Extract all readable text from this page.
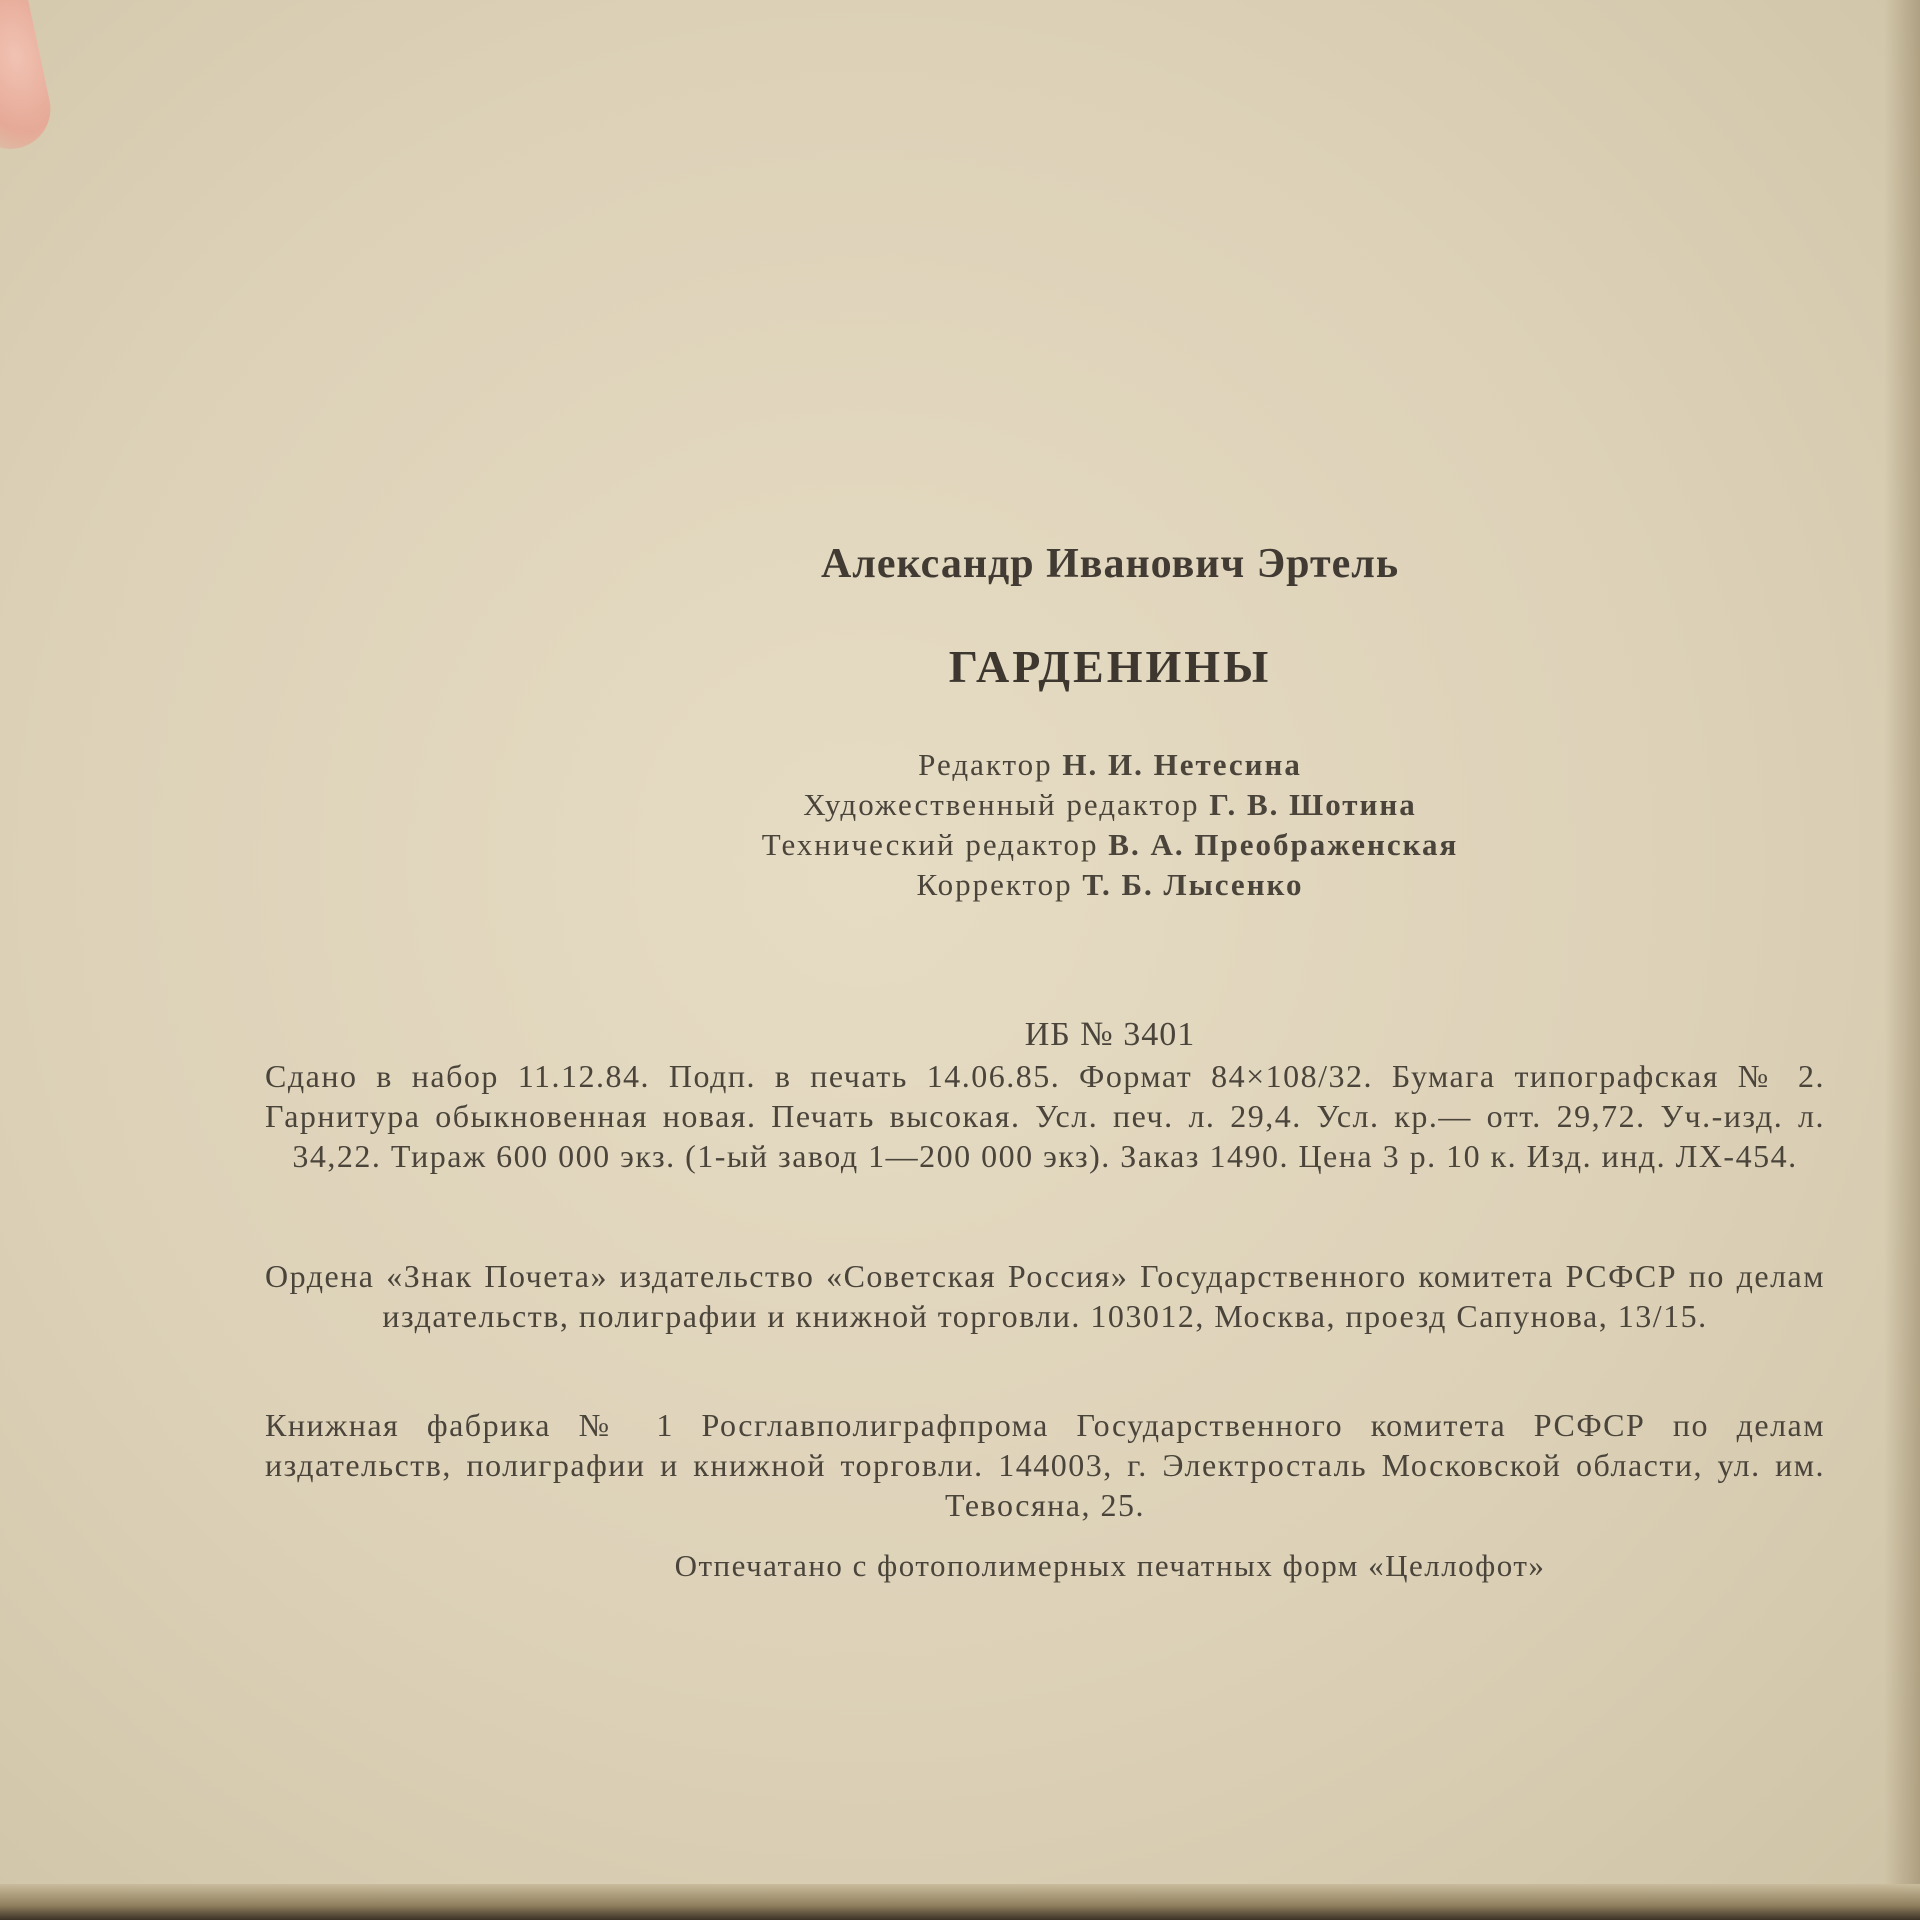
Александр Иванович Эртель
ГАРДЕНИНЫ
Редактор Н. И. Нетесина
Художественный редактор Г. В. Шотина
Технический редактор В. А. Преображенская
Корректор Т. Б. Лысенко
ИБ № 3401
Сдано в набор 11.12.84. Подп. в печать 14.06.85. Формат 84×108/32. Бумага типографская № 2. Гарнитура обыкновенная новая. Печать высокая. Усл. печ. л. 29,4. Усл. кр.— отт. 29,72. Уч.-изд. л. 34,22. Тираж 600 000 экз. (1-ый завод 1—200 000 экз). Заказ 1490. Цена 3 р. 10 к. Изд. инд. ЛХ-454.
Ордена «Знак Почета» издательство «Советская Россия» Государственного комитета РСФСР по делам издательств, полиграфии и книжной торговли. 103012, Москва, проезд Сапунова, 13/15.
Книжная фабрика № 1 Росглавполиграфпрома Государственного комитета РСФСР по делам издательств, полиграфии и книжной торговли. 144003, г. Электросталь Московской области, ул. им. Тевосяна, 25.
Отпечатано с фотополимерных печатных форм «Целлофот»
